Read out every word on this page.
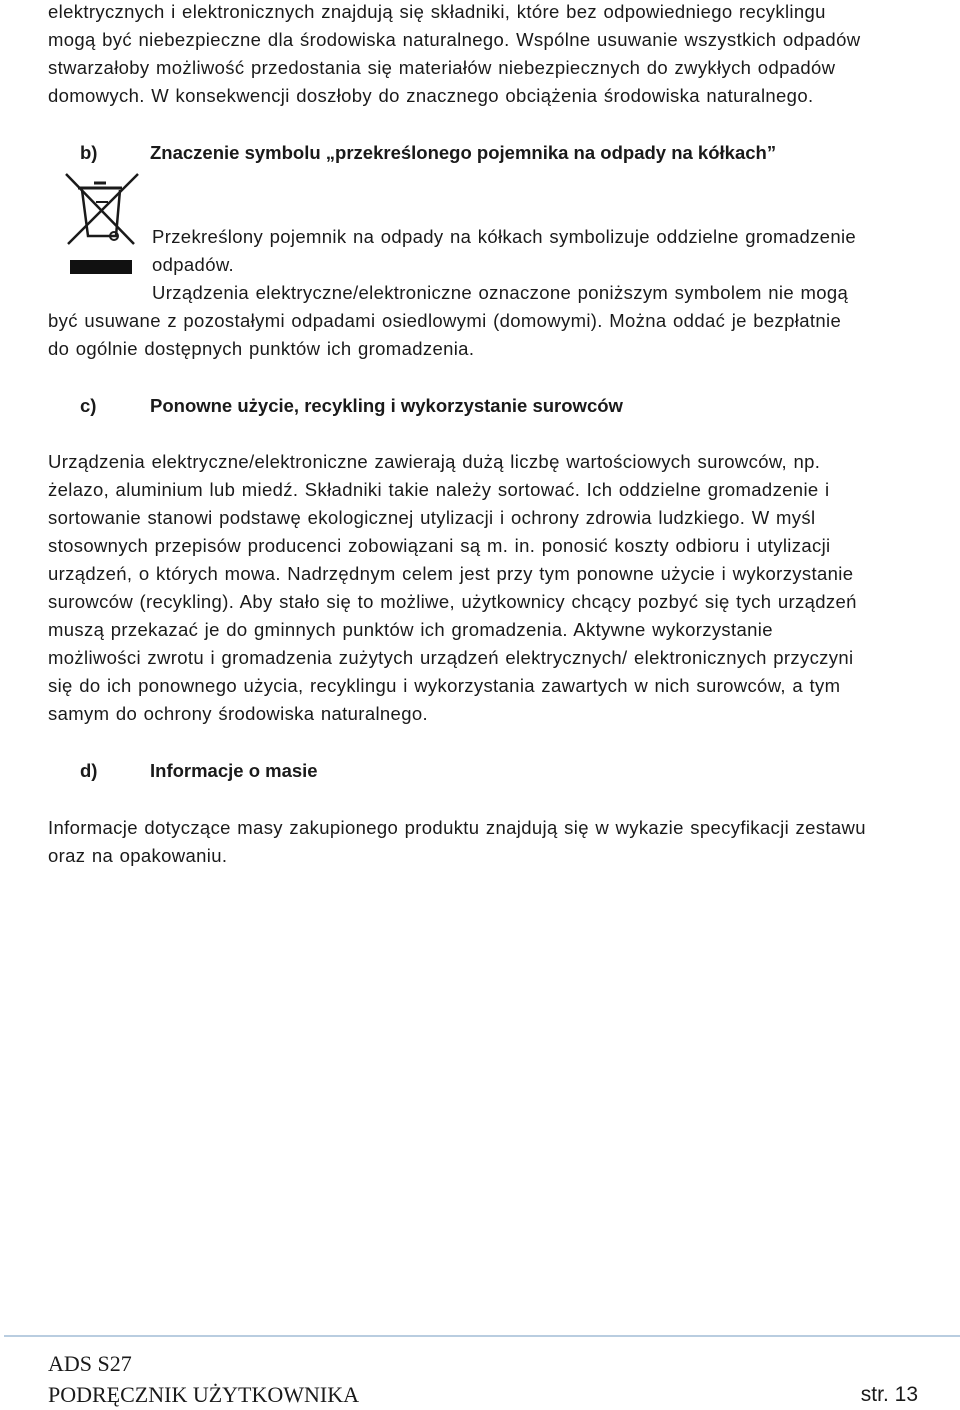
elektrycznych i elektronicznych znajdują się składniki, które bez odpowiedniego recyklingu
mogą być niebezpieczne dla środowiska naturalnego. Wspólne usuwanie wszystkich odpadów
stwarzałoby możliwość przedostania się materiałów niebezpiecznych do zwykłych odpadów
domowych. W konsekwencji doszłoby do znacznego obciążenia środowiska naturalnego.
b)	Znaczenie symbolu „przekreślonego pojemnika na odpady na kółkach”
Przekreślony pojemnik na odpady na kółkach symbolizuje oddzielne gromadzenie
odpadów.
Urządzenia elektryczne/elektroniczne oznaczone poniższym symbolem nie mogą
być usuwane z pozostałymi odpadami osiedlowymi (domowymi). Można oddać je bezpłatnie
do ogólnie dostępnych punktów ich gromadzenia.
c)	Ponowne użycie, recykling i wykorzystanie surowców
Urządzenia elektryczne/elektroniczne zawierają dużą liczbę wartościowych surowców, np.
żelazo, aluminium lub miedź. Składniki takie należy sortować. Ich oddzielne gromadzenie i
sortowanie stanowi podstawę ekologicznej utylizacji i ochrony zdrowia ludzkiego. W myśl
stosownych przepisów producenci zobowiązani są m. in. ponosić koszty odbioru i utylizacji
urządzeń, o których mowa. Nadrzędnym celem jest przy tym ponowne użycie i wykorzystanie
surowców (recykling). Aby stało się to możliwe, użytkownicy chcący pozbyć się tych urządzeń
muszą przekazać je do gminnych punktów ich gromadzenia. Aktywne wykorzystanie
możliwości zwrotu i gromadzenia zużytych urządzeń elektrycznych/ elektronicznych przyczyni
się do ich ponownego użycia, recyklingu i wykorzystania zawartych w nich surowców, a tym
samym do ochrony środowiska naturalnego.
d)	Informacje o masie
Informacje dotyczące masy zakupionego produktu znajdują się w wykazie specyfikacji zestawu
oraz na opakowaniu.
ADS S27
PODRĘCZNIK UŻYTKOWNIKA	str. 13
